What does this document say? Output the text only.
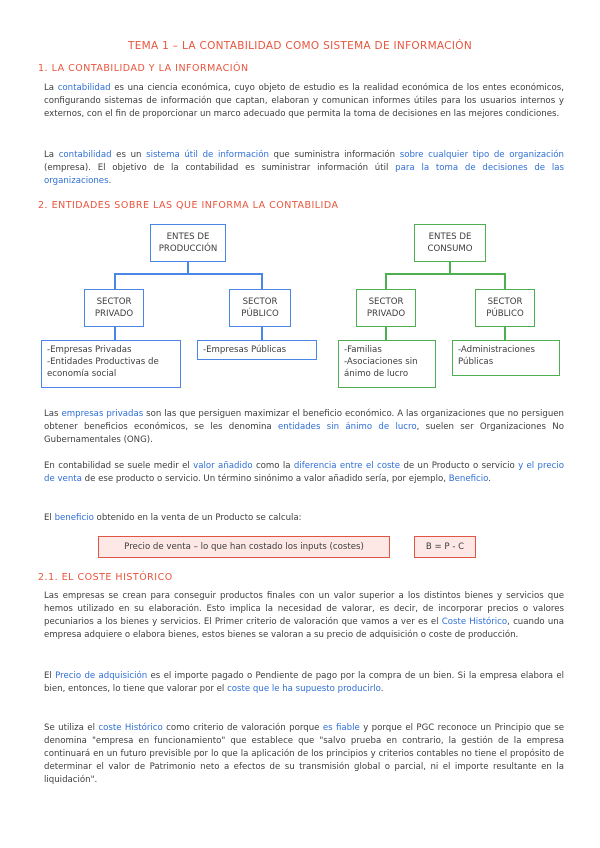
TEMA 1 – LA CONTABILIDAD COMO SISTEMA DE INFORMACIÓN
1. LA CONTABILIDAD Y LA INFORMACIÓN
La contabilidad es una ciencia económica, cuyo objeto de estudio es la realidad económica de los entes económicos, configurando sistemas de información que captan, elaboran y comunican informes útiles para los usuarios internos y externos, con el fin de proporcionar un marco adecuado que permita la toma de decisiones en las mejores condiciones.
La contabilidad es un sistema útil de información que suministra información sobre cualquier tipo de organización (empresa). El objetivo de la contabilidad es suministrar información útil para la toma de decisiones de las organizaciones.
2. ENTIDADES SOBRE LAS QUE INFORMA LA CONTABILIDA
ENTES DE PRODUCCIÓN
ENTES DE CONSUMO
SECTOR PRIVADO
SECTOR PÚBLICO
SECTOR PRIVADO
SECTOR PÚBLICO
-Empresas Privadas
-Entidades Productivas de economía social
-Empresas Públicas	-Familias
-Asociaciones sin ánimo de lucro
-Administraciones Públicas
Las empresas privadas son las que persiguen maximizar el beneficio económico. A las organizaciones que no persiguen obtener beneficios económicos, se les denomina entidades sin ánimo de lucro, suelen ser Organizaciones No Gubernamentales (ONG).
En contabilidad se suele medir el valor añadido como la diferencia entre el coste de un Producto o servicio y el precio de venta de ese producto o servicio. Un término sinónimo a valor añadido sería, por ejemplo, Beneficio.
El beneficio obtenido en la venta de un Producto se calcula:
Precio de venta – lo que han costado los inputs (costes)	B = P - C
2.1. EL COSTE HISTÓRICO
Las empresas se crean para conseguir productos finales con un valor superior a los distintos bienes y servicios que hemos utilizado en su elaboración. Esto implica la necesidad de valorar, es decir, de incorporar precios o valores pecuniarios a los bienes y servicios. El Primer criterio de valoración que vamos a ver es el Coste Histórico, cuando una empresa adquiere o elabora bienes, estos bienes se valoran a su precio de adquisición o coste de producción.
El Precio de adquisición es el importe pagado o Pendiente de pago por la compra de un bien. Si la empresa elabora el bien, entonces, lo tiene que valorar por el coste que le ha supuesto producirlo.
Se utiliza el coste Histórico como criterio de valoración porque es fiable y porque el PGC reconoce un Principio que se denomina "empresa en funcionamiento" que establece que "salvo prueba en contrario, la gestión de la empresa continuará en un futuro previsible por lo que la aplicación de los principios y criterios contables no tiene el propósito de determinar el valor de Patrimonio neto a efectos de su transmisión global o parcial, ni el importe resultante en la liquidación".
